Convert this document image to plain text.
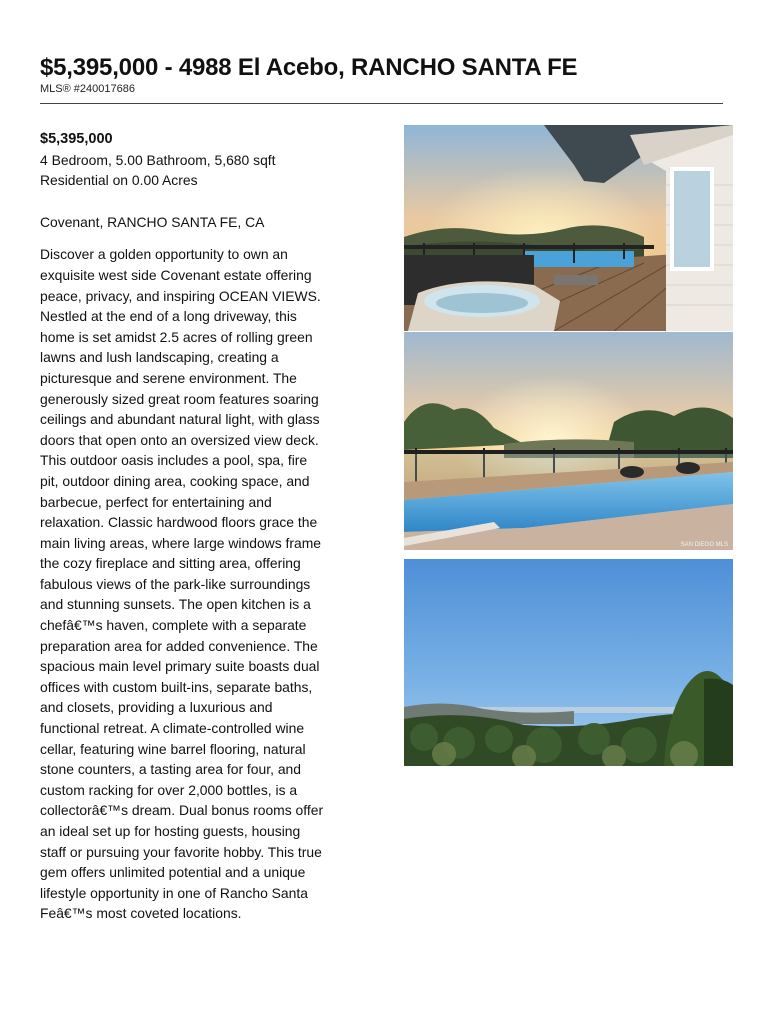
$5,395,000 - 4988 El Acebo, RANCHO SANTA FE
MLS® #240017686
$5,395,000
4 Bedroom, 5.00 Bathroom, 5,680 sqft
Residential on 0.00 Acres
Covenant, RANCHO SANTA FE, CA

Discover a golden opportunity to own an

exquisite west side Covenant estate offering

peace, privacy, and inspiring OCEAN VIEWS.

Nestled at the end of a long driveway, this

home is set amidst 2.5 acres of rolling green

lawns and lush landscaping, creating a

picturesque and serene environment. The

generously sized great room features soaring

ceilings and abundant natural light, with glass

doors that open onto an oversized view deck.

This outdoor oasis includes a pool, spa, fire

pit, outdoor dining area, cooking space, and

barbecue, perfect for entertaining and

relaxation. Classic hardwood floors grace the

main living areas, where large windows frame

the cozy fireplace and sitting area, offering

fabulous views of the park-like surroundings

and stunning sunsets. The open kitchen is a

chefâ€™s haven, complete with a separate

preparation area for added convenience. The

spacious main level primary suite boasts dual

offices with custom built-ins, separate baths,

and closets, providing a luxurious and

functional retreat. A climate-controlled wine

cellar, featuring wine barrel flooring, natural

stone counters, a tasting area for four, and

custom racking for over 2,000 bottles, is a

collectorâ€™s dream. Dual bonus rooms offer

an ideal set up for hosting guests, housing

staff or pursuing your favorite hobby. This true

gem offers unlimited potential and a unique

lifestyle opportunity in one of Rancho Santa

Feâ€™s most coveted locations.

SAN DIEGO MLS
